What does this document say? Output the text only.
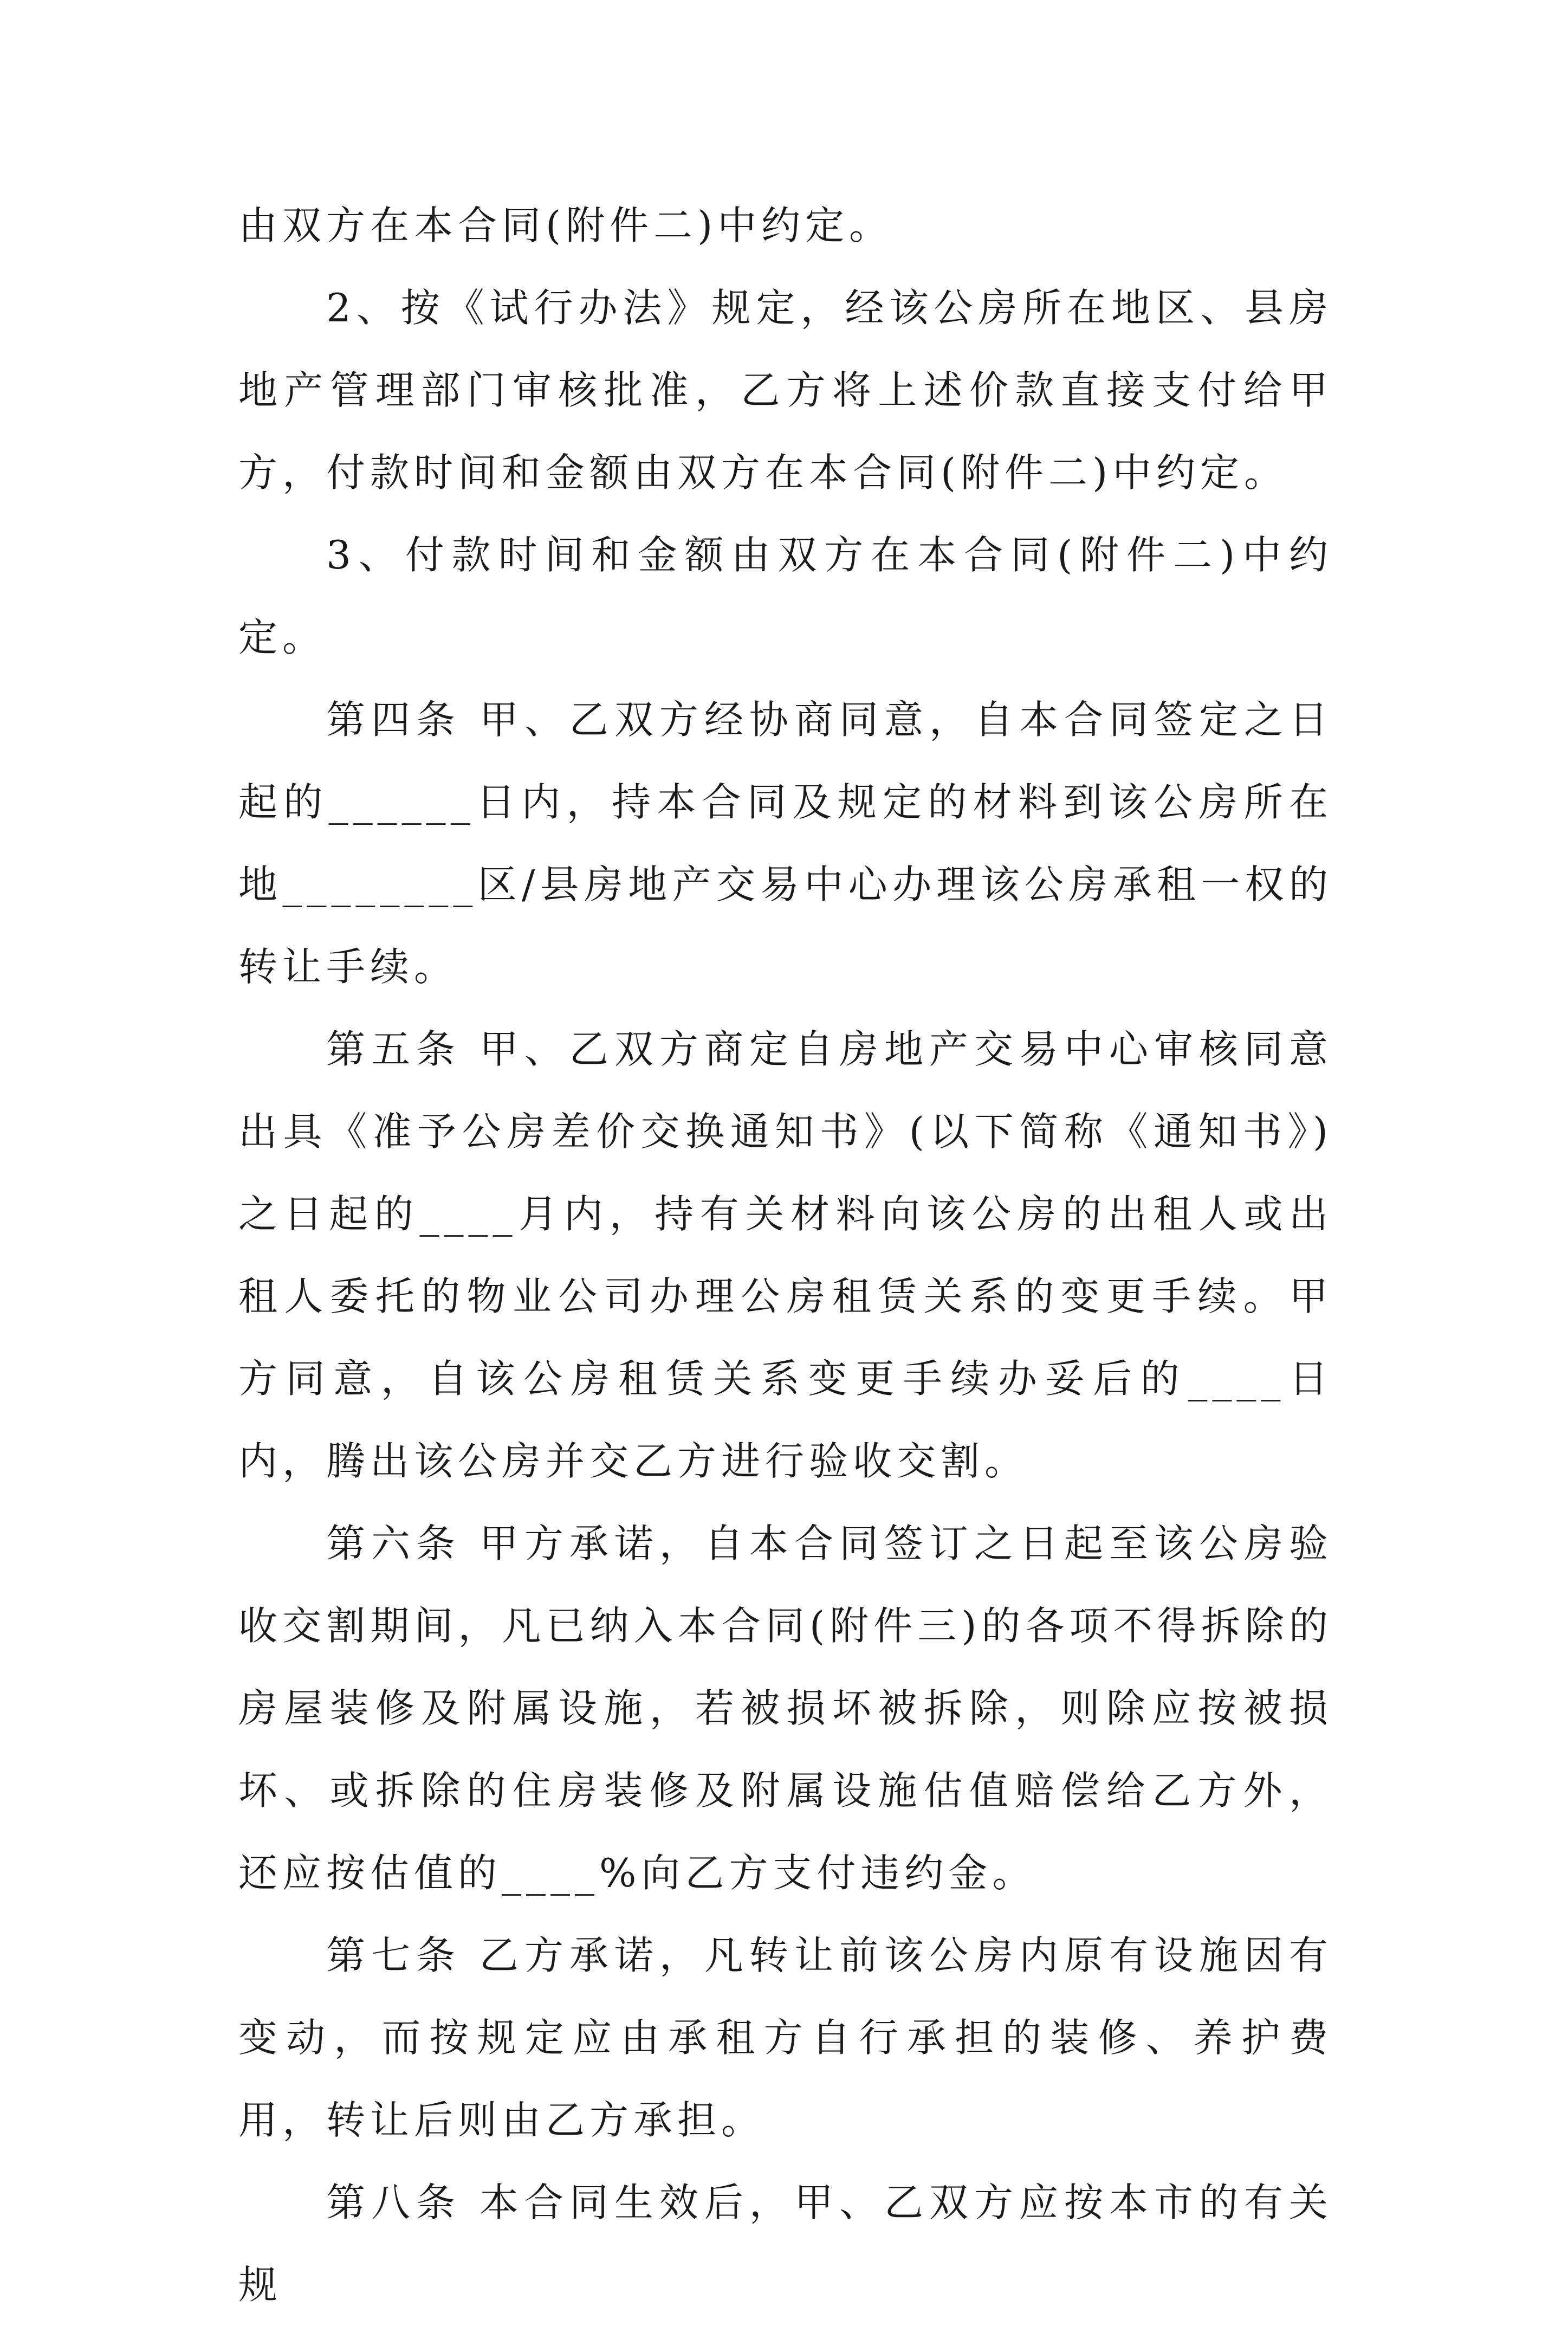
由双方在本合同(附件二)中约定。

2、按《试行办法》规定，经该公房所在地区、县房地产管理部门审核批准，乙方将上述价款直接支付给甲方，付款时间和金额由双方在本合同(附件二)中约定。

3、付款时间和金额由双方在本合同(附件二)中约定。

第四条 甲、乙双方经协商同意，自本合同签定之日起的______日内，持本合同及规定的材料到该公房所在地________区/县房地产交易中心办理该公房承租一权的转让手续。

第五条 甲、乙双方商定自房地产交易中心审核同意出具《准予公房差价交换通知书》(以下简称《通知书》)之日起的____月内，持有关材料向该公房的出租人或出租人委托的物业公司办理公房租赁关系的变更手续。甲方同意，自该公房租赁关系变更手续办妥后的____日内，腾出该公房并交乙方进行验收交割。

第六条 甲方承诺，自本合同签订之日起至该公房验收交割期间，凡已纳入本合同(附件三)的各项不得拆除的房屋装修及附属设施，若被损坏被拆除，则除应按被损坏、或拆除的住房装修及附属设施估值赔偿给乙方外，还应按估值的____%向乙方支付违约金。

第七条 乙方承诺，凡转让前该公房内原有设施因有变动，而按规定应由承租方自行承担的装修、养护费用，转让后则由乙方承担。

第八条 本合同生效后，甲、乙双方应按本市的有关规
